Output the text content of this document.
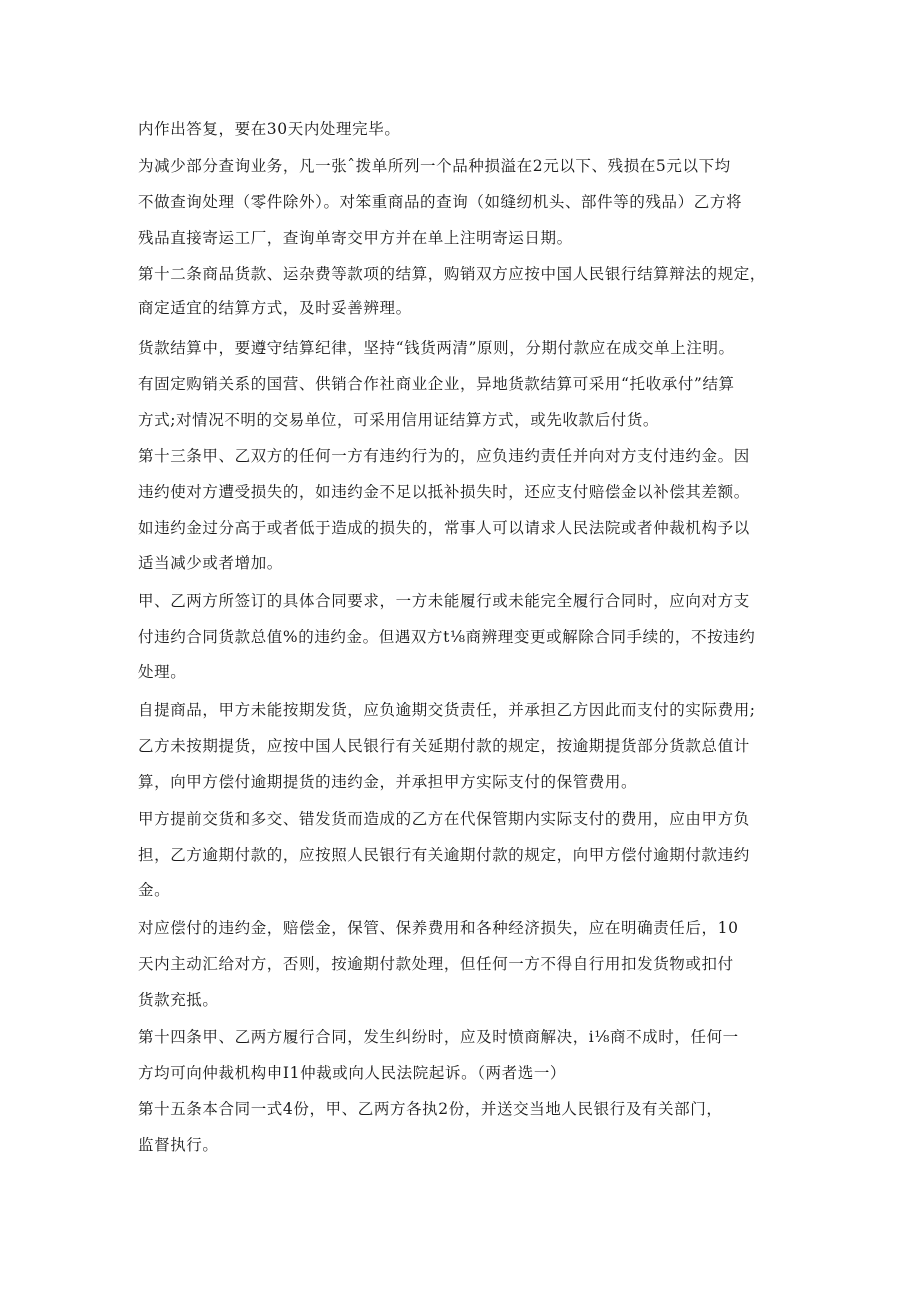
内作出答复，要在30天内处理完毕。

为减少部分查询业务，凡一张ˆ拨单所列一个品种损溢在2元以下、残损在5元以下均

不做查询处理（零件除外）。对笨重商品的查询（如缝纫机头、部件等的残品）乙方将

残品直接寄运工厂，查询单寄交甲方并在单上注明寄运日期。

第十二条商品货款、运杂费等款项的结算，购销双方应按中国人民银行结算辩法的规定，

商定适宜的结算方式，及时妥善辨理。

货款结算中，要遵守结算纪律，坚持“钱货两清”原则，分期付款应在成交单上注明。

有固定购销关系的国营、供销合作社商业企业，异地货款结算可采用“托收承付”结算

方式;对情况不明的交易单位，可采用信用证结算方式，或先收款后付货。

第十三条甲、乙双方的任何一方有违约行为的，应负违约责任并向对方支付违约金。因

违约使对方遭受损失的，如违约金不足以抵补损失时，还应支付赔偿金以补偿其差额。

如违约金过分高于或者低于造成的损失的，常事人可以请求人民法院或者仲裁机构予以

适当减少或者增加。

甲、乙两方所签订的具体合同要求，一方未能履行或未能完全履行合同时，应向对方支

付违约合同货款总值%的违约金。但遇双方t⅛商辨理变更或解除合同手续的，不按违约

处理。

自提商品，甲方未能按期发货，应负逾期交货责任，并承担乙方因此而支付的实际费用;

乙方未按期提货，应按中国人民银行有关延期付款的规定，按逾期提货部分货款总值计

算，向甲方偿付逾期提货的违约金，并承担甲方实际支付的保管费用。

甲方提前交货和多交、错发货而造成的乙方在代保管期内实际支付的费用，应由甲方负

担，乙方逾期付款的，应按照人民银行有关逾期付款的规定，向甲方偿付逾期付款违约

金。

对应偿付的违约金，赔偿金，保管、保养费用和各种经济损失，应在明确责任后，10

天内主动汇给对方，否则，按逾期付款处理，但任何一方不得自行用扣发货物或扣付

货款充抵。

第十四条甲、乙两方履行合同，发生纠纷时，应及时愤商解决，i⅛商不成时，任何一

方均可向仲裁机构申I1仲裁或向人民法院起诉。（两者选一）

第十五条本合同一式4份，甲、乙两方各执2份，并送交当地人民银行及有关部门，

监督执行。
